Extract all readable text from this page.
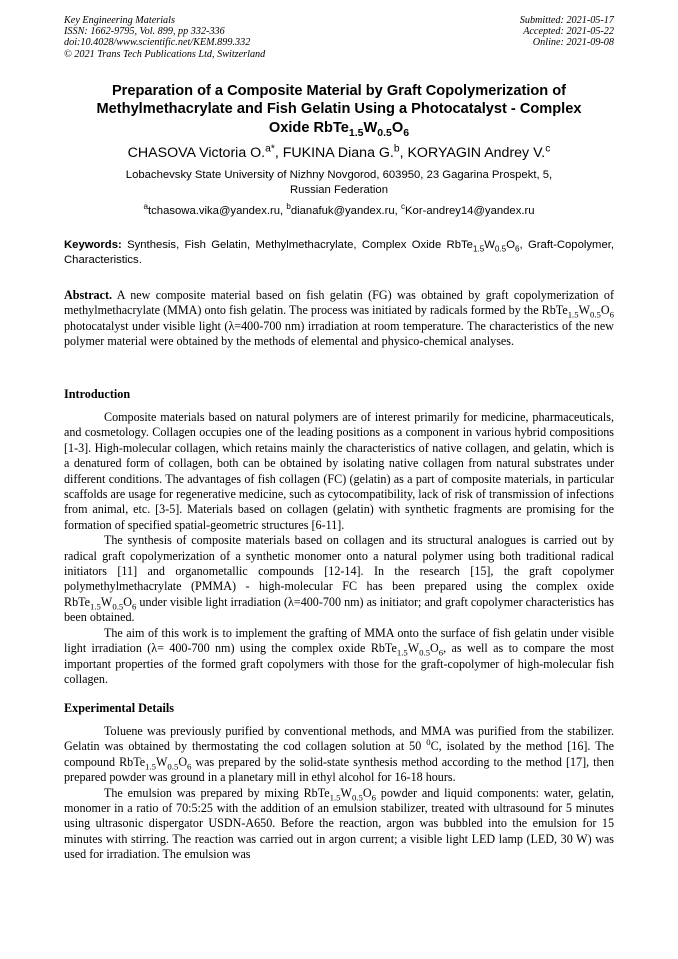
Key Engineering Materials
ISSN: 1662-9795, Vol. 899, pp 332-336
doi:10.4028/www.scientific.net/KEM.899.332
© 2021 Trans Tech Publications Ltd, Switzerland
Submitted: 2021-05-17
Accepted: 2021-05-22
Online: 2021-09-08
Preparation of a Composite Material by Graft Copolymerization of
Methylmethacrylate and Fish Gelatin Using a Photocatalyst - Complex
Oxide $RbTe_{1.5}W_{0.5}O_6$
CHASOVA Victoria O.$^{a*}$, FUKINA Diana G.$^b$, KORYAGIN Andrey V.$^c$
Lobachevsky State University of Nizhny Novgorod, 603950, 23 Gagarina Prospekt, 5,
Russian Federation
$^a$tchasowa.vika@yandex.ru, $^b$dianafuk@yandex.ru, $^c$Kor-andrey14@yandex.ru
Keywords: Synthesis, Fish Gelatin, Methylmethacrylate, Complex Oxide $RbTe_{1.5}W_{0.5}O_6$, Graft-Copolymer, Characteristics.
Abstract. A new composite material based on fish gelatin (FG) was obtained by graft copolymerization of methylmethacrylate (MMA) onto fish gelatin. The process was initiated by radicals formed by the $RbTe_{1.5}W_{0.5}O_6$ photocatalyst under visible light (λ=400-700 nm) irradiation at room temperature. The characteristics of the new polymer material were obtained by the methods of elemental and physico-chemical analyses.
Introduction

Composite materials based on natural polymers are of interest primarily for medicine, pharmaceuticals, and cosmetology. Collagen occupies one of the leading positions as a component in various hybrid compositions [1-3]. High-molecular collagen, which retains mainly the characteristics of native collagen, and gelatin, which is a denatured form of collagen, both can be obtained by isolating native collagen from natural substrates under different conditions. The advantages of fish collagen (FC) (gelatin) as a part of composite materials, in particular scaffolds are usage for regenerative medicine, such as cytocompatibility, lack of risk of transmission of infections from animal, etc. [3-5]. Materials based on collagen (gelatin) with synthetic fragments are promising for the formation of specified spatial-geometric structures [6-11].

The synthesis of composite materials based on collagen and its structural analogues is carried out by radical graft copolymerization of a synthetic monomer onto a natural polymer using both traditional radical initiators [11] and organometallic compounds [12-14]. In the research [15], the graft copolymer polymethylmethacrylate (PMMA) - high-molecular FC has been prepared using the complex oxide $RbTe_{1.5}W_{0.5}O_6$ under visible light irradiation (λ=400-700 nm) as initiator; and graft copolymer characteristics has been obtained.

The aim of this work is to implement the grafting of MMA onto the surface of fish gelatin under visible light irradiation (λ= 400-700 nm) using the complex oxide $RbTe_{1.5}W_{0.5}O_6$, as well as to compare the most important properties of the formed graft copolymers with those for the graft-copolymer of high-molecular fish collagen.

Experimental Details

Toluene was previously purified by conventional methods, and MMA was purified from the stabilizer. Gelatin was obtained by thermostating the cod collagen solution at 50 $^0$C, isolated by the method [16]. The compound $RbTe_{1.5}W_{0.5}O_6$ was prepared by the solid-state synthesis method according to the method [17], then prepared powder was ground in a planetary mill in ethyl alcohol for 16-18 hours.

The emulsion was prepared by mixing $RbTe_{1.5}W_{0.5}O_6$ powder and liquid components: water, gelatin, monomer in a ratio of 70:5:25 with the addition of an emulsion stabilizer, treated with ultrasound for 5 minutes using ultrasonic dispergator USDN-A650. Before the reaction, argon was bubbled into the emulsion for 15 minutes with stirring. The reaction was carried out in argon current; a visible light LED lamp (LED, 30 W) was used for irradiation. The emulsion was
